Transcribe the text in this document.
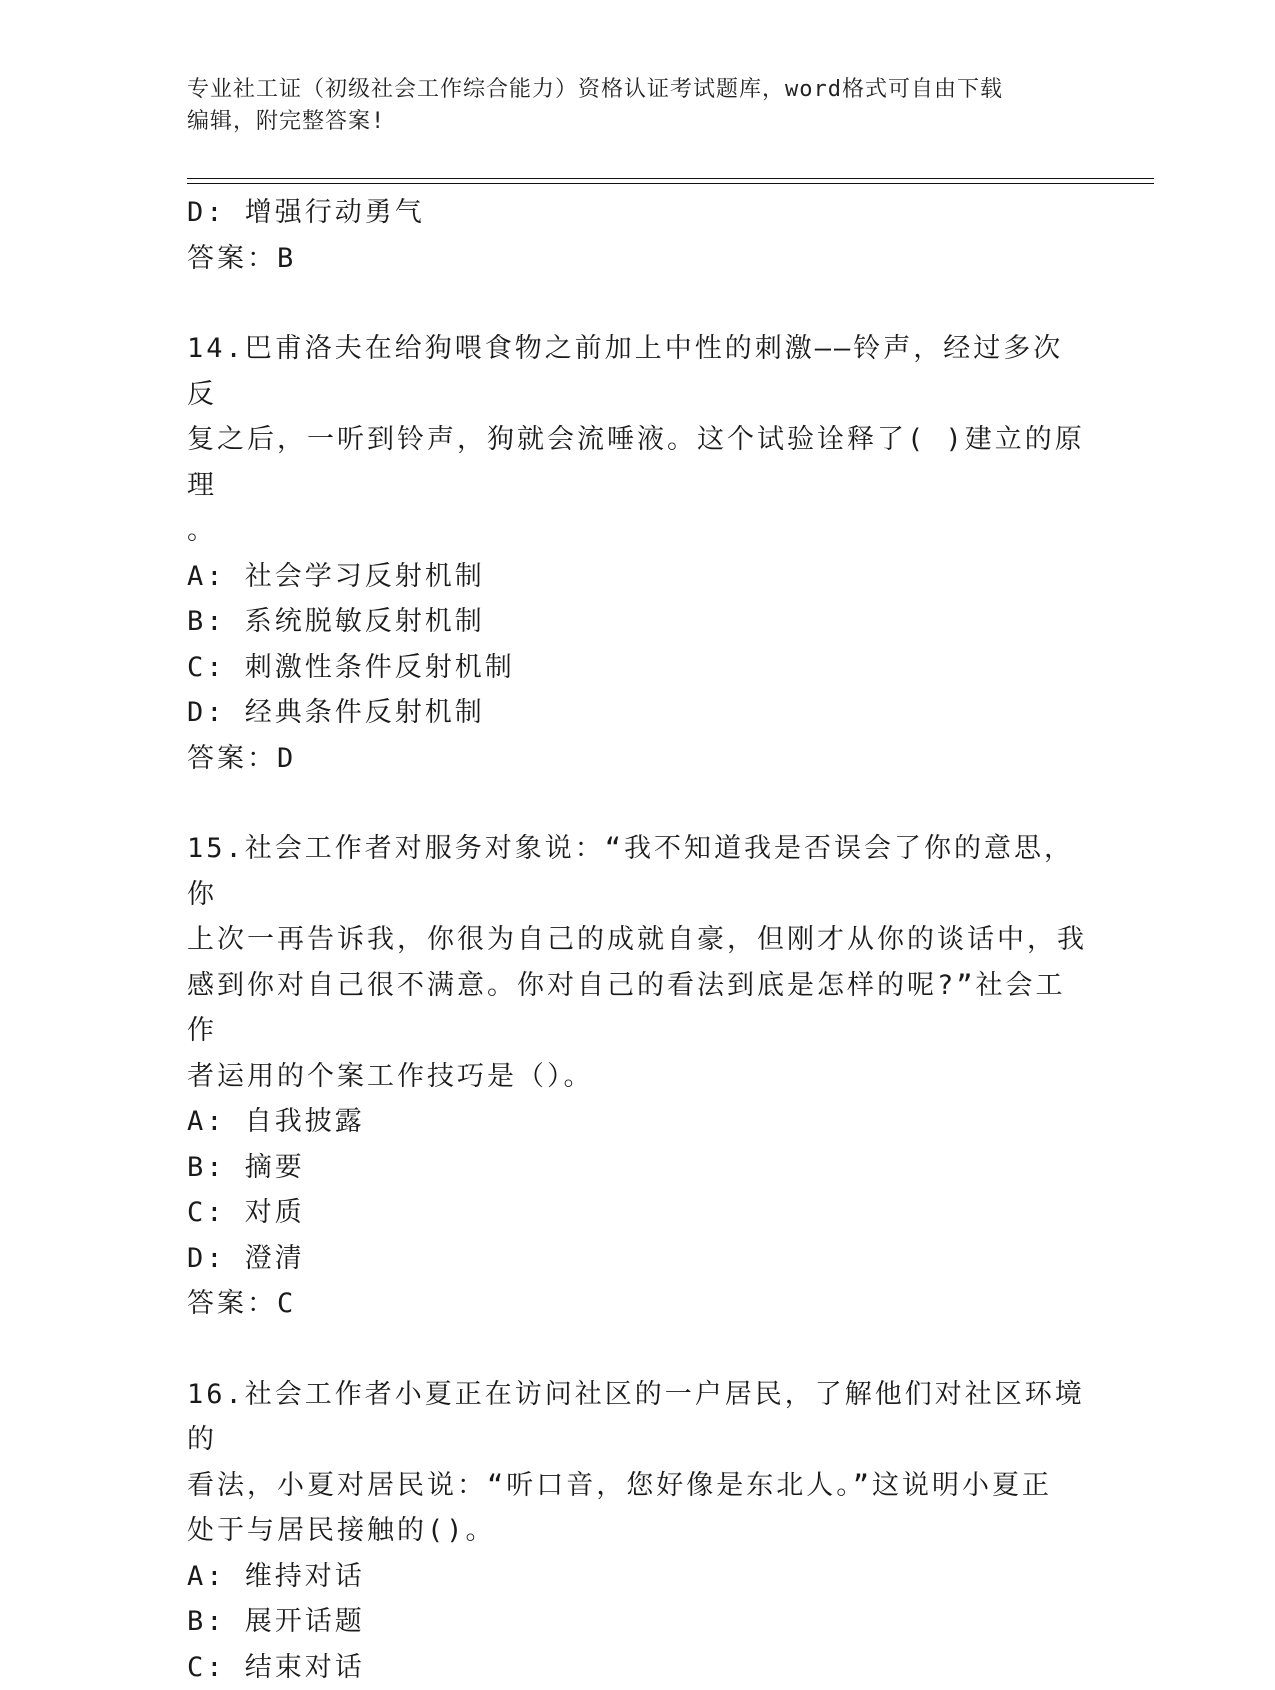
专业社工证（初级社会工作综合能力）资格认证考试题库，word格式可自由下载
编辑，附完整答案!

D: 增强行动勇气

答案：B

14.巴甫洛夫在给狗喂食物之前加上中性的刺激——铃声，经过多次反

复之后，一听到铃声，狗就会流唾液。这个试验诠释了( )建立的原理

。

A: 社会学习反射机制

B: 系统脱敏反射机制

C: 刺激性条件反射机制

D: 经典条件反射机制

答案：D

15.社会工作者对服务对象说：“我不知道我是否误会了你的意思，你

上次一再告诉我，你很为自己的成就自豪，但刚才从你的谈话中，我

感到你对自己很不满意。你对自己的看法到底是怎样的呢?”社会工作

者运用的个案工作技巧是（）。

A: 自我披露

B: 摘要

C: 对质

D: 澄清

答案：C

16.社会工作者小夏正在访问社区的一户居民，了解他们对社区环境的

看法，小夏对居民说：“听口音，您好像是东北人。”这说明小夏正

处于与居民接触的()。

A: 维持对话

B: 展开话题

C: 结束对话
